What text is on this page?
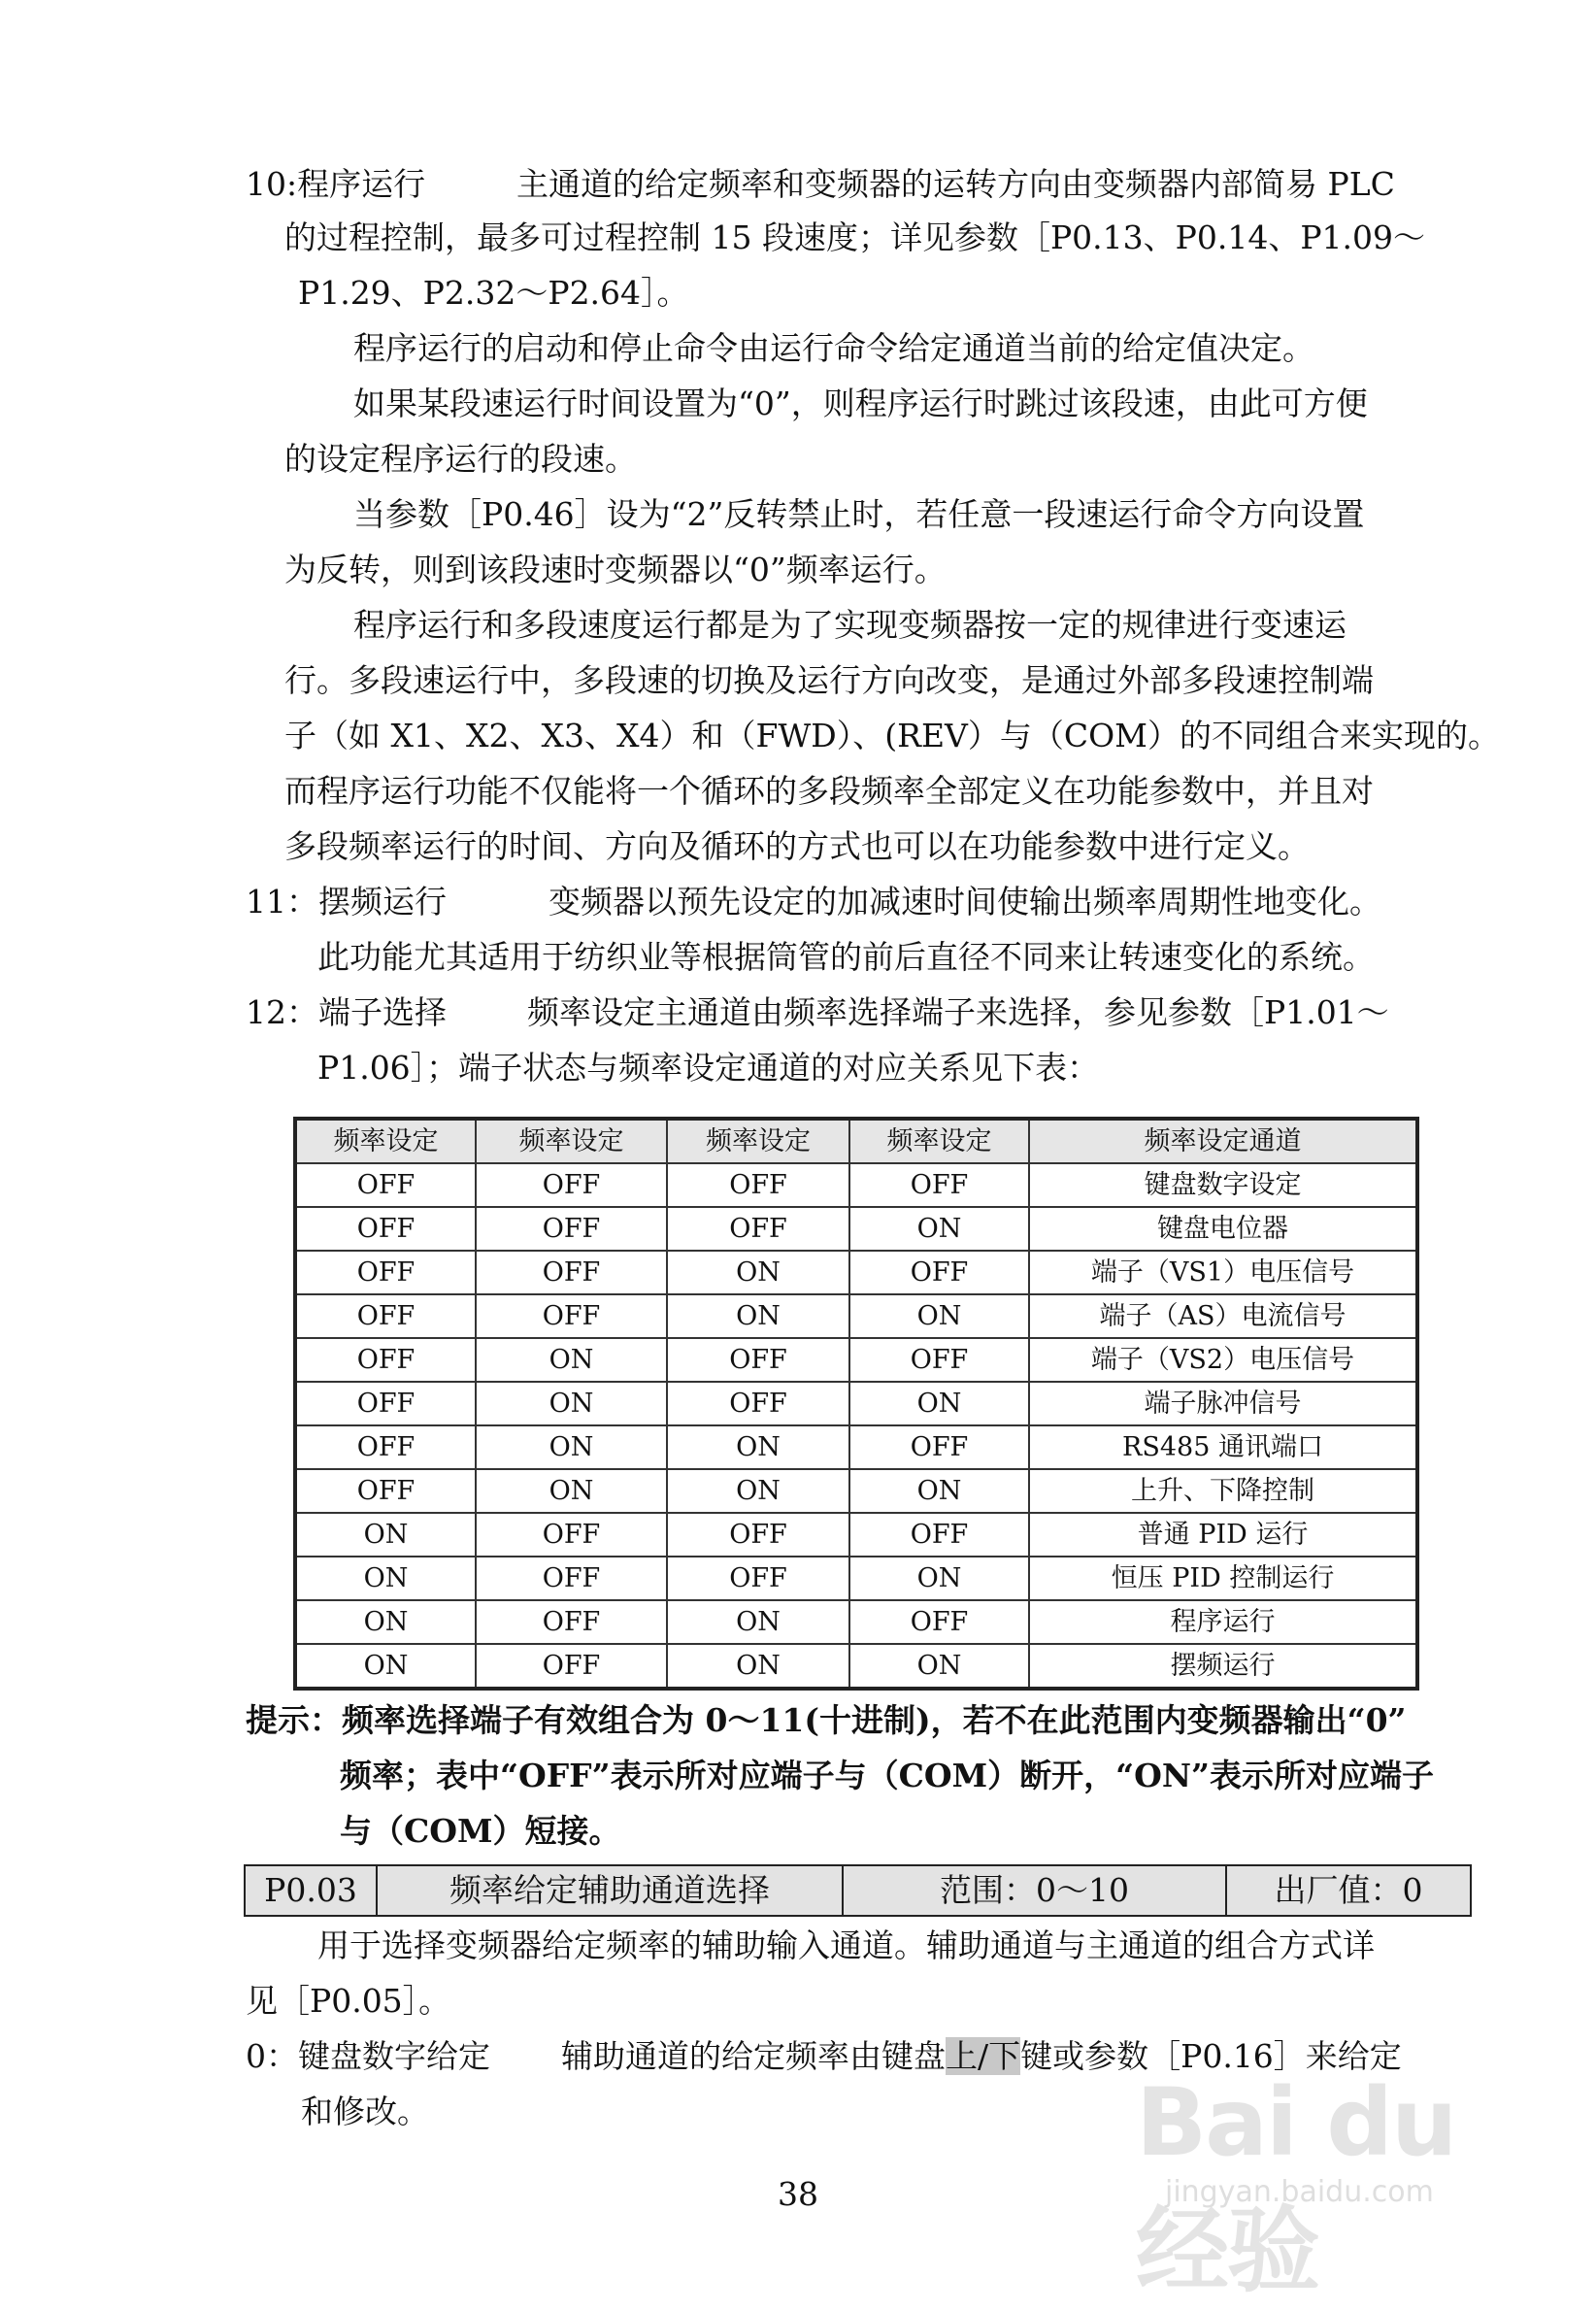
10:程序运行	主通道的给定频率和变频器的运转方向由变频器内部简易 PLC
的过程控制，最多可过程控制 15 段速度；详见参数［P0.13、P0.14、P1.09～
P1.29、P2.32～P2.64］。
程序运行的启动和停止命令由运行命令给定通道当前的给定值决定。
如果某段速运行时间设置为“0”，则程序运行时跳过该段速，由此可方便
的设定程序运行的段速。
当参数［P0.46］设为“2”反转禁止时，若任意一段速运行命令方向设置
为反转，则到该段速时变频器以“0”频率运行。
程序运行和多段速度运行都是为了实现变频器按一定的规律进行变速运
行。多段速运行中，多段速的切换及运行方向改变，是通过外部多段速控制端
子（如 X1、X2、X3、X4）和（FWD）、(REV）与（COM）的不同组合来实现的。
而程序运行功能不仅能将一个循环的多段频率全部定义在功能参数中，并且对
多段频率运行的时间、方向及循环的方式也可以在功能参数中进行定义。
11：摆频运行	变频器以预先设定的加减速时间使输出频率周期性地变化。
此功能尤其适用于纺织业等根据筒管的前后直径不同来让转速变化的系统。
12：端子选择	频率设定主通道由频率选择端子来选择，参见参数［P1.01～
P1.06］；端子状态与频率设定通道的对应关系见下表：
频率设定	频率设定	频率设定	频率设定	频率设定通道
OFF	OFF	OFF	OFF	键盘数字设定
OFF	OFF	OFF	ON	键盘电位器
OFF	OFF	ON	OFF	端子（VS1）电压信号
OFF	OFF	ON	ON	端子（AS）电流信号
OFF	ON	OFF	OFF	端子（VS2）电压信号
OFF	ON	OFF	ON	端子脉冲信号
OFF	ON	ON	OFF	RS485 通讯端口
OFF	ON	ON	ON	上升、下降控制
ON	OFF	OFF	OFF	普通 PID 运行
ON	OFF	OFF	ON	恒压 PID 控制运行
ON	OFF	ON	OFF	程序运行
ON	OFF	ON	ON	摆频运行
提示：频率选择端子有效组合为 0～11(十进制)，若不在此范围内变频器输出“0”
频率；表中“OFF”表示所对应端子与（COM）断开，“ON”表示所对应端子
与（COM）短接。
P0.03	频率给定辅助通道选择	范围：0～10	出厂值：0
用于选择变频器给定频率的辅助输入通道。辅助通道与主通道的组合方式详
见［P0.05］。
0：键盘数字给定 辅助通道的给定频率由键盘上/下键或参数［P0.16］来给定
和修改。
38
Bai du 经验
jingyan.baidu.com
